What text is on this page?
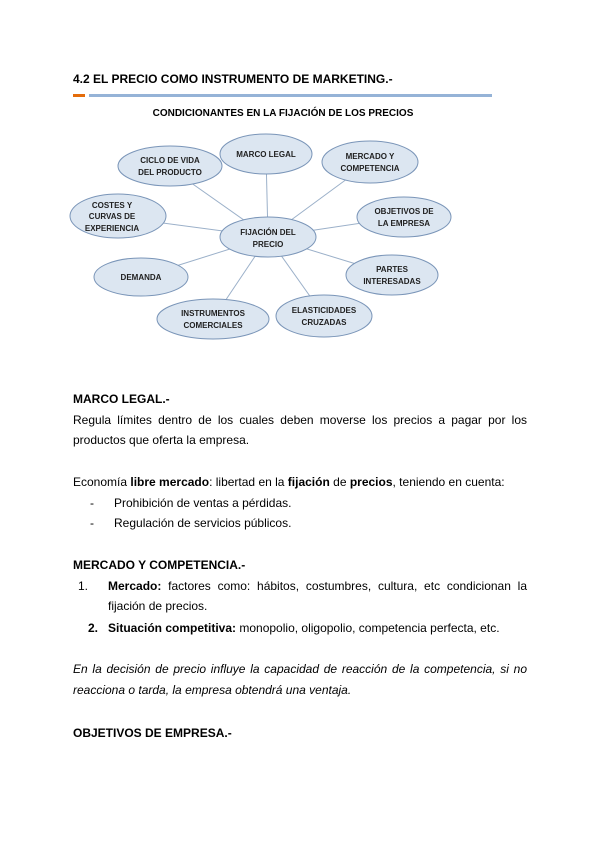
4.2 EL PRECIO COMO INSTRUMENTO DE MARKETING.-
CONDICIONANTES EN LA FIJACIÓN DE LOS PRECIOS
FIJACIÓN DEL
PRECIO
CICLO DE VIDA
DEL PRODUCTO
MARCO LEGAL	MERCADO Y
COMPETENCIA
COSTES Y
CURVAS DE
EXPERIENCIA
OBJETIVOS DE
LA EMPRESA
DEMANDA
PARTES
INTERESADAS
INSTRUMENTOS
COMERCIALES
ELASTICIDADES
CRUZADAS
MARCO LEGAL.-
Regula límites dentro de los cuales deben moverse los precios a pagar por los
productos que oferta la empresa.
Economía libre mercado: libertad en la fijación de precios, teniendo en cuenta:
- Prohibición de ventas a pérdidas.
- Regulación de servicios públicos.
MERCADO Y COMPETENCIA.-
1. Mercado: factores como: hábitos, costumbres, cultura, etc condicionan la
fijación de precios.
2. Situación competitiva: monopolio, oligopolio, competencia perfecta, etc.
En la decisión de precio influye la capacidad de reacción de la competencia, si no
reacciona o tarda, la empresa obtendrá una ventaja.
OBJETIVOS DE EMPRESA.-
